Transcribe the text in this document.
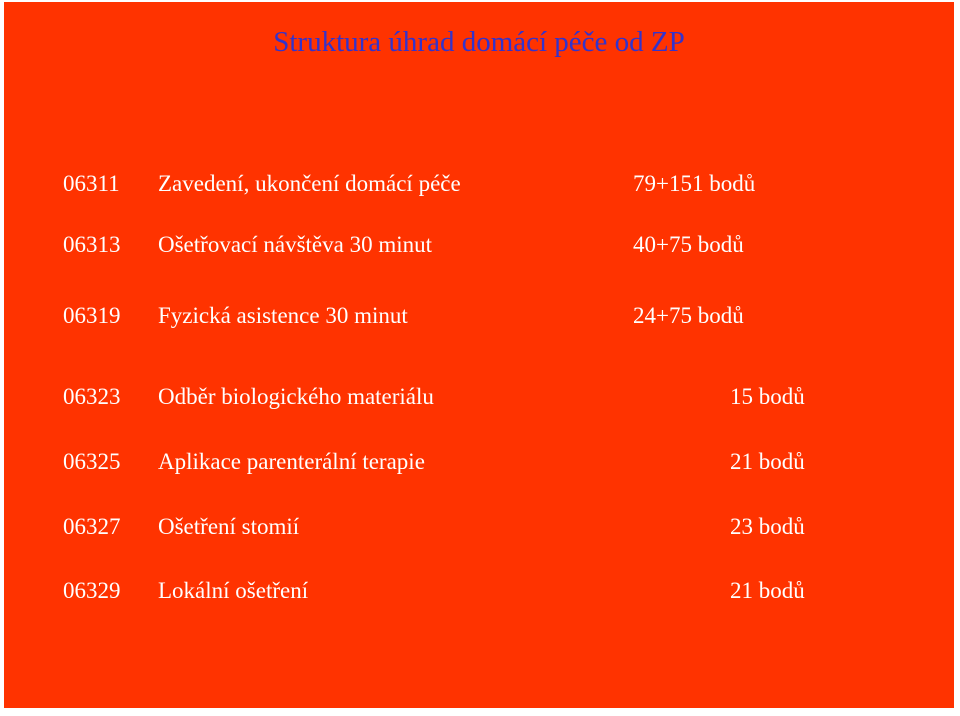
Struktura úhrad domácí péče od ZP
06311 Zavedení, ukončení domácí péče	79+151 bodů
06313 Ošetřovací návštěva 30 minut	40+75 bodů
06319 Fyzická asistence 30 minut	24+75 bodů
06323 Odběr biologického materiálu	15 bodů
06325 Aplikace parenterální terapie	21 bodů
06327 Ošetření stomií	23 bodů
06329 Lokální ošetření	21 bodů
